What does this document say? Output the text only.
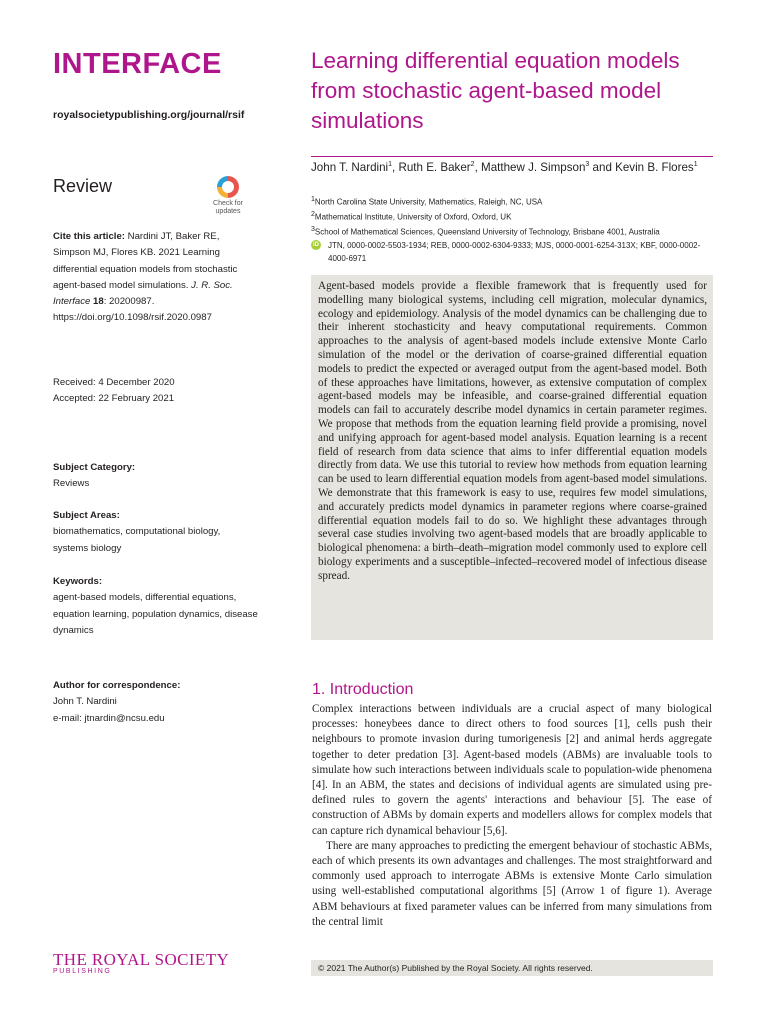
INTERFACE
royalsocietypublishing.org/journal/rsif
Review
Check for
updates
Cite this article: Nardini JT, Baker RE, Simpson MJ, Flores KB. 2021 Learning differential equation models from stochastic agent-based model simulations. J. R. Soc. Interface 18: 20200987.
https://doi.org/10.1098/rsif.2020.0987
Received: 4 December 2020
Accepted: 22 February 2021
Subject Category:
Reviews
Subject Areas:
biomathematics, computational biology, systems biology
Keywords:
agent-based models, differential equations, equation learning, population dynamics, disease dynamics
Author for correspondence:
John T. Nardini
e-mail: jtnardin@ncsu.edu
THE ROYAL SOCIETY
PUBLISHING
Learning differential equation models from stochastic agent-based model simulations
John T. Nardini$^1$, Ruth E. Baker$^2$, Matthew J. Simpson$^3$ and Kevin B. Flores$^1$
$^1$North Carolina State University, Mathematics, Raleigh, NC, USA
$^2$Mathematical Institute, University of Oxford, Oxford, UK
$^3$School of Mathematical Sciences, Queensland University of Technology, Brisbane 4001, Australia
iD JTN, 0000-0002-5503-1934; REB, 0000-0002-6304-9333; MJS, 0000-0001-6254-313X; KBF, 0000-0002-4000-6971

Agent-based models provide a flexible framework that is frequently used for modelling many biological systems, including cell migration, molecular dynamics, ecology and epidemiology. Analysis of the model dynamics can be challenging due to their inherent stochasticity and heavy computational requirements. Common approaches to the analysis of agent-based models include extensive Monte Carlo simulation of the model or the derivation of coarse-grained differential equation models to predict the expected or averaged output from the agent-based model. Both of these approaches have limitations, however, as extensive computation of complex agent-based models may be infeasible, and coarse-grained differential equation models can fail to accurately describe model dynamics in certain parameter regimes. We propose that methods from the equation learning field provide a promising, novel and unifying approach for agent-based model analysis. Equation learning is a recent field of research from data science that aims to infer differential equation models directly from data. We use this tutorial to review how methods from equation learning can be used to learn differential equation models from agent-based model simulations. We demonstrate that this framework is easy to use, requires few model simulations, and accurately predicts model dynamics in parameter regions where coarse-grained differential equation models fail to do so. We highlight these advantages through several case studies involving two agent-based models that are broadly applicable to biological phenomena: a birth–death–migration model commonly used to explore cell biology experiments and a susceptible–infected–recovered model of infectious disease spread.

1. Introduction

Complex interactions between individuals are a crucial aspect of many biological processes: honeybees dance to direct others to food sources [1], cells push their neighbours to promote invasion during tumorigenesis [2] and animal herds aggregate together to deter predation [3]. Agent-based models (ABMs) are invaluable tools to simulate how such interactions between individuals scale to population-wide phenomena [4]. In an ABM, the states and decisions of individual agents are simulated using pre-defined rules to govern the agents' interactions and behaviour [5]. The ease of construction of ABMs by domain experts and modellers allows for complex models that can capture rich dynamical behaviour [5,6].

There are many approaches to predicting the emergent behaviour of stochastic ABMs, each of which presents its own advantages and challenges. The most straightforward and commonly used approach to interrogate ABMs is extensive Monte Carlo simulation using well-established computational algorithms [5] (Arrow 1 of figure 1). Average ABM behaviours at fixed parameter values can be inferred from many simulations from the central limit

© 2021 The Author(s) Published by the Royal Society. All rights reserved.
